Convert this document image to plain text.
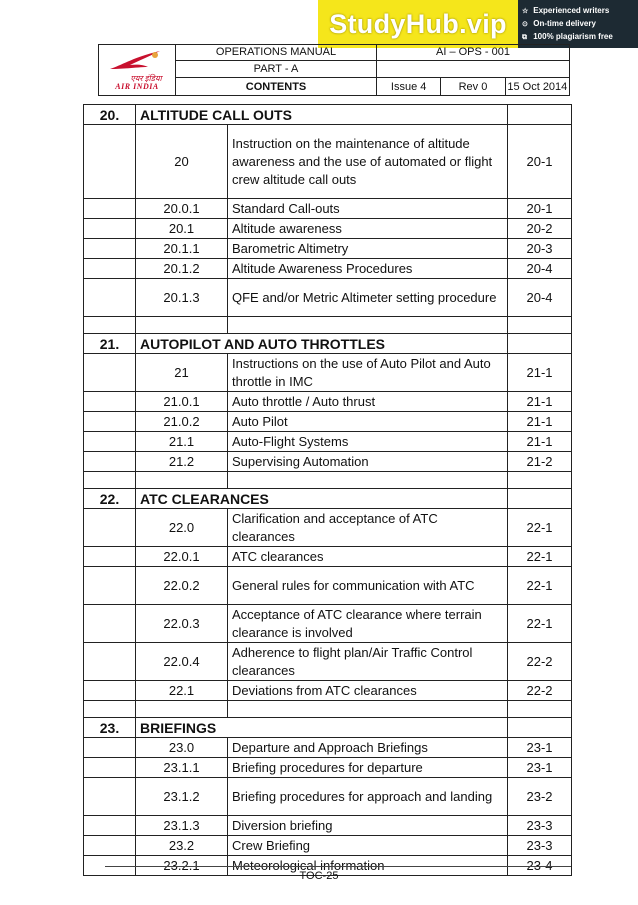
StudyHub.vip ☆ Experienced writers
⊙ On-time delivery
⧉ 100% plagiarism free
एयर इंडिया
AIR INDIA	OPERATIONS MANUAL	AI – OPS - 001		
	PART - A			
	CONTENTS	Issue 4	Rev 0	15 Oct 2014
20.	ALTITUDE CALL OUTS		
	20	Instruction on the maintenance of altitude awareness and the use of automated or flight crew altitude call outs	20-1
	20.0.1	Standard Call-outs	20-1
	20.1	Altitude awareness	20-2
	20.1.1	Barometric Altimetry	20-3
	20.1.2	Altitude Awareness Procedures	20-4
	20.1.3	QFE and/or Metric Altimeter setting procedure	20-4

21.	AUTOPILOT AND AUTO THROTTLES		
	21	Instructions on the use of Auto Pilot and Auto throttle in IMC	21-1
	21.0.1	Auto throttle / Auto thrust	21-1
	21.0.2	Auto Pilot	21-1
	21.1	Auto-Flight Systems	21-1
	21.2	Supervising Automation	21-2

22.	ATC CLEARANCES		
	22.0	Clarification and acceptance of ATC clearances	22-1
	22.0.1	ATC clearances	22-1
	22.0.2	General rules for communication with ATC	22-1
	22.0.3	Acceptance of ATC clearance where terrain clearance is involved	22-1
	22.0.4	Adherence to flight plan/Air Traffic Control clearances	22-2
	22.1	Deviations from ATC clearances	22-2

23.	BRIEFINGS		
	23.0	Departure and Approach Briefings	23-1
	23.1.1	Briefing procedures for departure	23-1
	23.1.2	Briefing procedures for approach and landing	23-2
	23.1.3	Diversion briefing	23-3
	23.2	Crew Briefing	23-3
	23.2.1	Meteorological information	23-4
TOC-25
